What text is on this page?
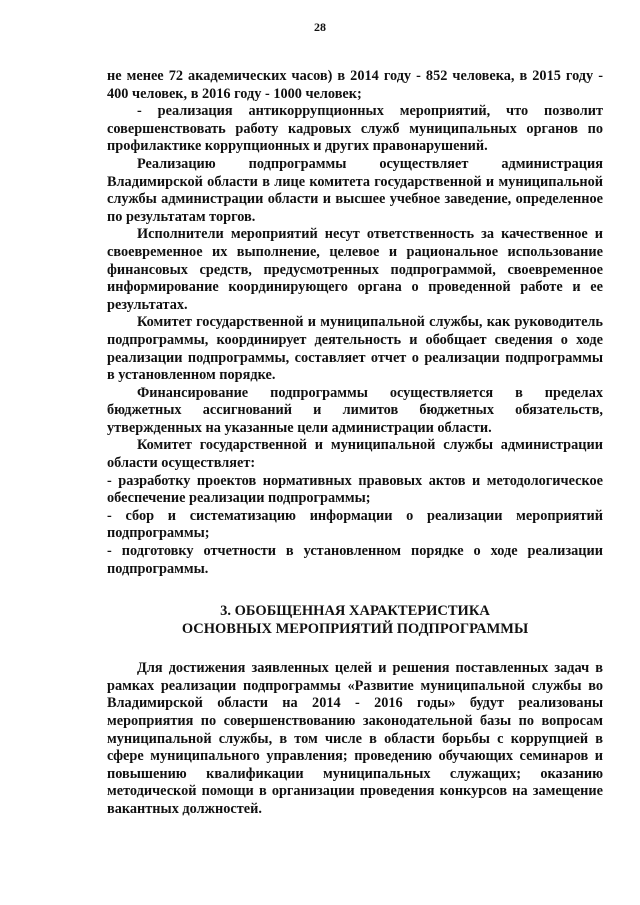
28

не менее 72 академических часов) в 2014 году - 852 человека, в 2015 году - 400 человек, в 2016 году - 1000 человек;

- реализация антикоррупционных мероприятий, что позволит совершенствовать работу кадровых служб муниципальных органов по профилактике коррупционных и других правонарушений.

Реализацию подпрограммы осуществляет администрация Владимирской области в лице комитета государственной и муниципальной службы администрации области и высшее учебное заведение, определенное по результатам торгов.

Исполнители мероприятий несут ответственность за качественное и своевременное их выполнение, целевое и рациональное использование финансовых средств, предусмотренных подпрограммой, своевременное информирование координирующего органа о проведенной работе и ее результатах.

Комитет государственной и муниципальной службы, как руководитель подпрограммы, координирует деятельность и обобщает сведения о ходе реализации подпрограммы, составляет отчет о реализации подпрограммы в установленном порядке.

Финансирование подпрограммы осуществляется в пределах бюджетных ассигнований и лимитов бюджетных обязательств, утвержденных на указанные цели администрации области.

Комитет государственной и муниципальной службы администрации области осуществляет:

- разработку проектов нормативных правовых актов и методологическое обеспечение реализации подпрограммы;

- сбор и систематизацию информации о реализации мероприятий подпрограммы;

- подготовку отчетности в установленном порядке о ходе реализации подпрограммы.

3. ОБОБЩЕННАЯ ХАРАКТЕРИСТИКА
ОСНОВНЫХ МЕРОПРИЯТИЙ ПОДПРОГРАММЫ

Для достижения заявленных целей и решения поставленных задач в рамках реализации подпрограммы «Развитие муниципальной службы во Владимирской области на 2014 - 2016 годы» будут реализованы мероприятия по совершенствованию законодательной базы по вопросам муниципальной службы, в том числе в области борьбы с коррупцией в сфере муниципального управления; проведению обучающих семинаров и повышению квалификации муниципальных служащих; оказанию методической помощи в организации проведения конкурсов на замещение вакантных должностей.
